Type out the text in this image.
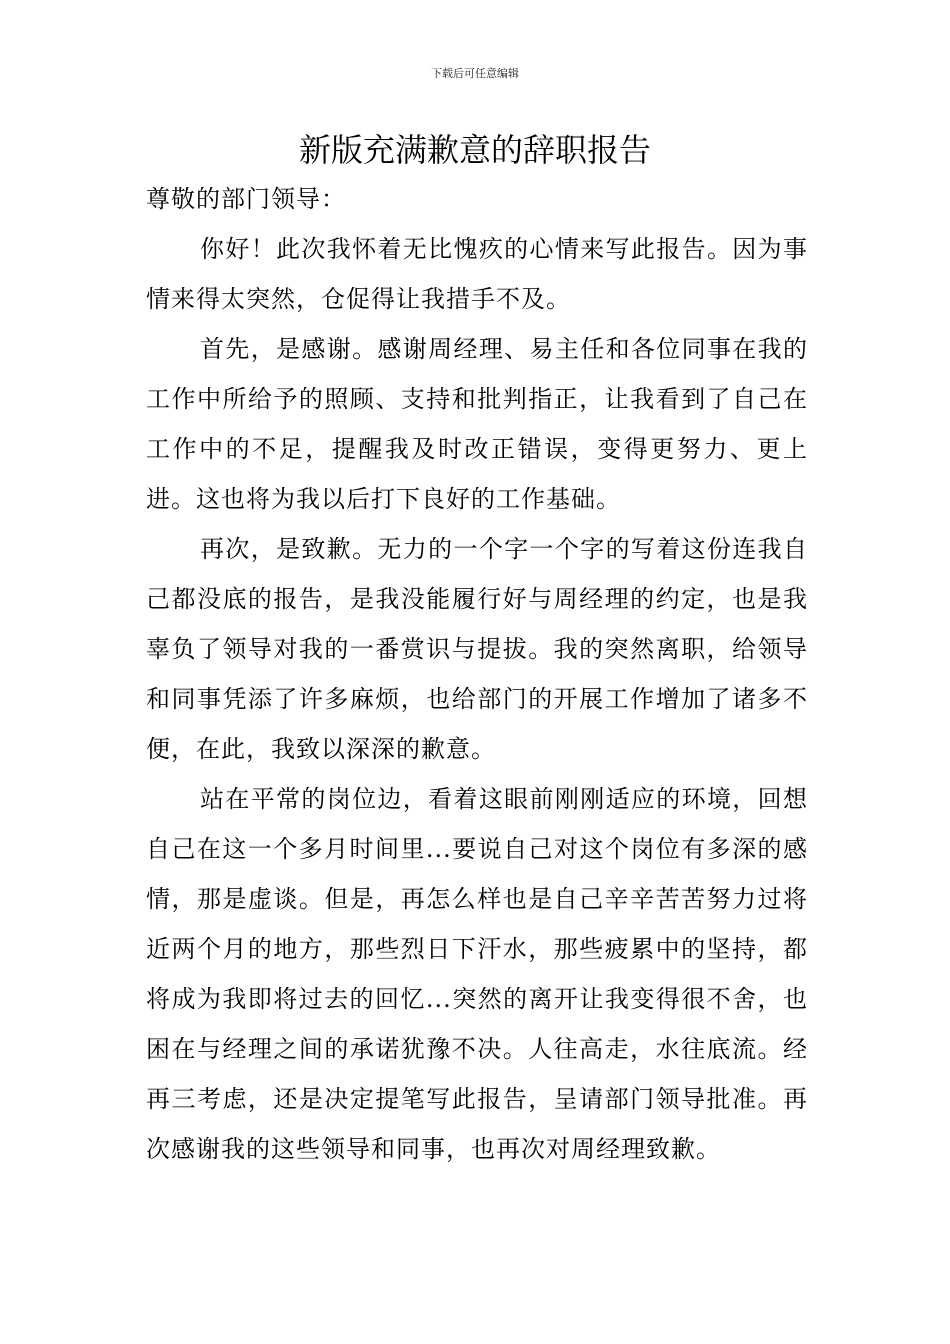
下载后可任意编辑
新版充满歉意的辞职报告

尊敬的部门领导：

你好！此次我怀着无比愧疚的心情来写此报告。因为事情来得太突然，仓促得让我措手不及。

首先，是感谢。感谢周经理、易主任和各位同事在我的工作中所给予的照顾、支持和批判指正，让我看到了自己在工作中的不足，提醒我及时改正错误，变得更努力、更上进。这也将为我以后打下良好的工作基础。

再次，是致歉。无力的一个字一个字的写着这份连我自己都没底的报告，是我没能履行好与周经理的约定，也是我辜负了领导对我的一番赏识与提拔。我的突然离职，给领导和同事凭添了许多麻烦，也给部门的开展工作增加了诸多不便，在此，我致以深深的歉意。

站在平常的岗位边，看着这眼前刚刚适应的环境，回想自己在这一个多月时间里...要说自己对这个岗位有多深的感情，那是虚谈。但是，再怎么样也是自己辛辛苦苦努力过将近两个月的地方，那些烈日下汗水，那些疲累中的坚持，都将成为我即将过去的回忆...突然的离开让我变得很不舍，也困在与经理之间的承诺犹豫不决。人往高走，水往底流。经再三考虑，还是决定提笔写此报告，呈请部门领导批准。再次感谢我的这些领导和同事，也再次对周经理致歉。
